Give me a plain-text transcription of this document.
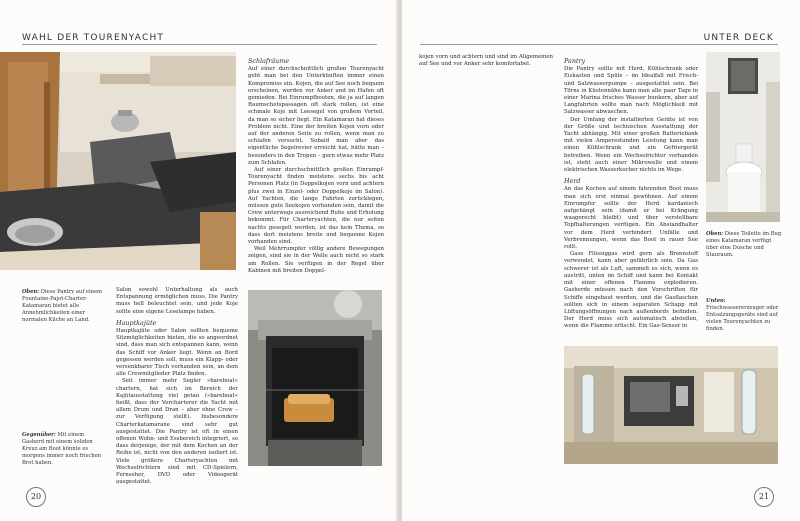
WAHL DER TOURENYACHT
Oben: Diese Pantry auf einem Fountaine-Pajot-Charter-Katamaran bietet alle Annehmlichkeiten einer normalen Küche an Land.
Gegenüber: Mit einem Gasherd mit einem soliden Kreuz am Boot könnte es morgens immer noch frischen Brot haben.
Schlafräume

Auf einer durchschnittlich großen Tourenyacht geht man bei den Unterkünften immer einen Kompromiss ein. Kojen, die auf See noch bequem erscheinen, werden vor Anker und im Hafen oft gemieden. Bei Einrumpfbooten, die ja auf langen Raumschotspassagen oft stark rollen, ist eine schmale Koje mit Leesegel von großem Vorteil, da man so sicher liegt. Ein Katamaran hat dieses Problem nicht. Eine der breiten Kojen vorn oder auf der anderen Seite zu rollen, wenn man zu schlafen versucht. Sobald man aber das eigentliche Segelrevier erreicht hat, hätte man – besonders in den Tropen – gern etwas mehr Platz zum Schlafen.

Auf einer durchschnittlich großen Einrumpf-Tourenyacht finden meistens sechs bis acht Personen Platz (in Doppelkojen vorn und achtern plus zwei in Einzel- oder Doppelkoje im Salon). Auf Yachten, die lange Fahrten zurücklegen, müssen gute Seekojen vorhanden sein, damit die Crew unterwegs ausreichend Ruhe und Erholung bekommt. Für Charteryachten, die nur selten nachts gesegelt werden, ist das kein Thema, so dass dort meistens breite und bequeme Kojen vorhanden sind.

Weil Mehrrumpfer völlig andere Bewegungen zeigen, sind sie in der Welle auch nicht so stark am Rollen. Sie verfügen in der Regel über Kabinen mit breiten Doppel-

Salon sowohl Unterhaltung als auch Entspannung ermöglichen muss. Die Pantry muss hell beleuchtet sein, und jede Koje sollte eine eigene Leselampe haben.

Hauptkajüte

Hauptkajüte oder Salon sollten bequeme Sitzmöglichkeiten bieten, die so angeordnet sind, dass man sich entspannen kann, wenn das Schiff vor Anker liegt. Wenn an Bord gegessen werden soll, muss ein Klapp- oder versenkbarer Tisch vorhanden sein, an dem alle Crewmitglieder Platz finden.

Seit immer mehr Segler »bareboat« chartern, hat sich im Bereich der Kajütausstattung viel getan (»bareboat« heißt, dass der Vercharterer die Yacht mit allem Drum und Dran – aber ohne Crew – zur Verfügung stellt). Insbesondere Charterkatamarane sind sehr gut ausgestattet. Die Pantry ist oft in einen offenen Wohn- und Essbereich integriert, so dass derjenige, der mit dem Kochen an der Reihe ist, nicht von den anderen isoliert ist. Viele größere Charteryachten mit Wechselrichtern sind mit CD-Spielern, Fernseher, DVD oder Videogerät ausgestattet.

20
UNTER DECK

kojen vorn und achtern und sind im Allgemeinen auf See und vor Anker sehr komfortabel.	Pantry

Die Pantry sollte mit Herd, Kühlschrank oder Eiskasten und Spüle – im Idealfall mit Frisch- und Salzwasserpumpe – ausgestattet sein. Bei Törns in Küstennähe kann man alle paar Tage in einer Marina frisches Wasser bunkern, aber auf Langfahrten sollte man nach Möglichkeit mit Salzwasser abwaschen.

Der Umfang der installierten Geräte ist von der Größe und technischen Ausstattung der Yacht abhängig. Mit einer großen Batteriebank mit vielen Amperestunden Leistung kann man einen Kühlschrank und ein Gefriergerät betreiben. Wenn ein Wechselrichter vorhanden ist, steht auch einer Mikrowelle und einem elektrischen Wasserkocher nichts im Wege.

Herd

An das Kochen auf einem fahrenden Boot muss man sich erst einmal gewöhnen. Auf einem Einrumpfer sollte der Herd kardanisch aufgehängt sein (damit er bei Krängung waagerecht bleibt) und über verstellbare Topfhalterungen verfügen. Ein Abstandhalter vor dem Herd verhindert Unfälle und Verbrennungen, wenn das Boot in rauer See rollt.

Gase Flüssiggas wird gern als Brennstoff verwendet, kann aber gefährlich sein. Da Gas schwerer ist als Luft, sammelt es sich, wenn es austritt, unten im Schiff und kann bei Kontakt mit einer offenen Flamme explodieren. Gasherde müssen nach den Vorschriften für Schiffe eingebaut werden, und die Gasflaschen sollten sich in einem separaten Schapp mit Lüftungsöffnungen nach außenbords befinden. Der Herd muss sich automatisch abstellen, wenn die Flamme erlischt. Ein Gas-Sensor in

Oben: Diese Toilette im Bug eines Katamaran verfügt über eine Dusche und Stauraum.
Unten: Frischwassererzeuger oder Entsalzungsgeräte sind auf vielen Tourenyachten zu finden.
21
